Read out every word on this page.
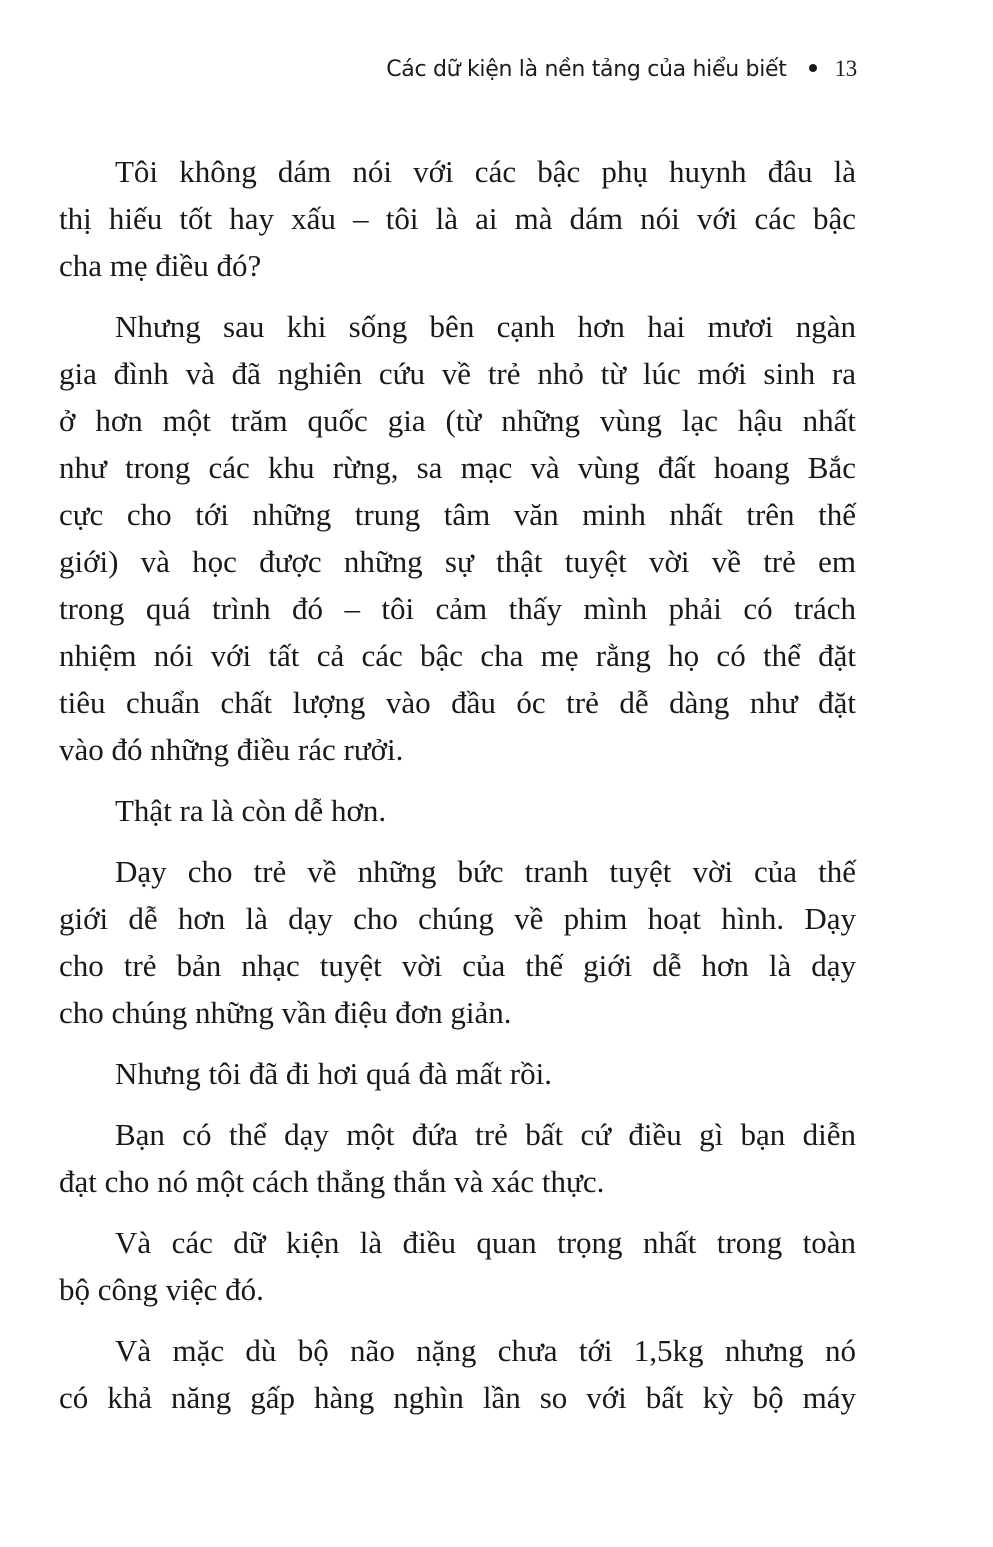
Các dữ kiện là nền tảng của hiểu biết 13
Tôi không dám nói với các bậc phụ huynh đâu là
thị hiếu tốt hay xấu – tôi là ai mà dám nói với các bậc
cha mẹ điều đó?
Nhưng sau khi sống bên cạnh hơn hai mươi ngàn
gia đình và đã nghiên cứu về trẻ nhỏ từ lúc mới sinh ra
ở hơn một trăm quốc gia (từ những vùng lạc hậu nhất
như trong các khu rừng, sa mạc và vùng đất hoang Bắc
cực cho tới những trung tâm văn minh nhất trên thế
giới) và học được những sự thật tuyệt vời về trẻ em
trong quá trình đó – tôi cảm thấy mình phải có trách
nhiệm nói với tất cả các bậc cha mẹ rằng họ có thể đặt
tiêu chuẩn chất lượng vào đầu óc trẻ dễ dàng như đặt
vào đó những điều rác rưởi.
Thật ra là còn dễ hơn.
Dạy cho trẻ về những bức tranh tuyệt vời của thế
giới dễ hơn là dạy cho chúng về phim hoạt hình. Dạy
cho trẻ bản nhạc tuyệt vời của thế giới dễ hơn là dạy
cho chúng những vần điệu đơn giản.
Nhưng tôi đã đi hơi quá đà mất rồi.
Bạn có thể dạy một đứa trẻ bất cứ điều gì bạn diễn
đạt cho nó một cách thẳng thắn và xác thực.
Và các dữ kiện là điều quan trọng nhất trong toàn
bộ công việc đó.
Và mặc dù bộ não nặng chưa tới 1,5kg nhưng nó
có khả năng gấp hàng nghìn lần so với bất kỳ bộ máy
